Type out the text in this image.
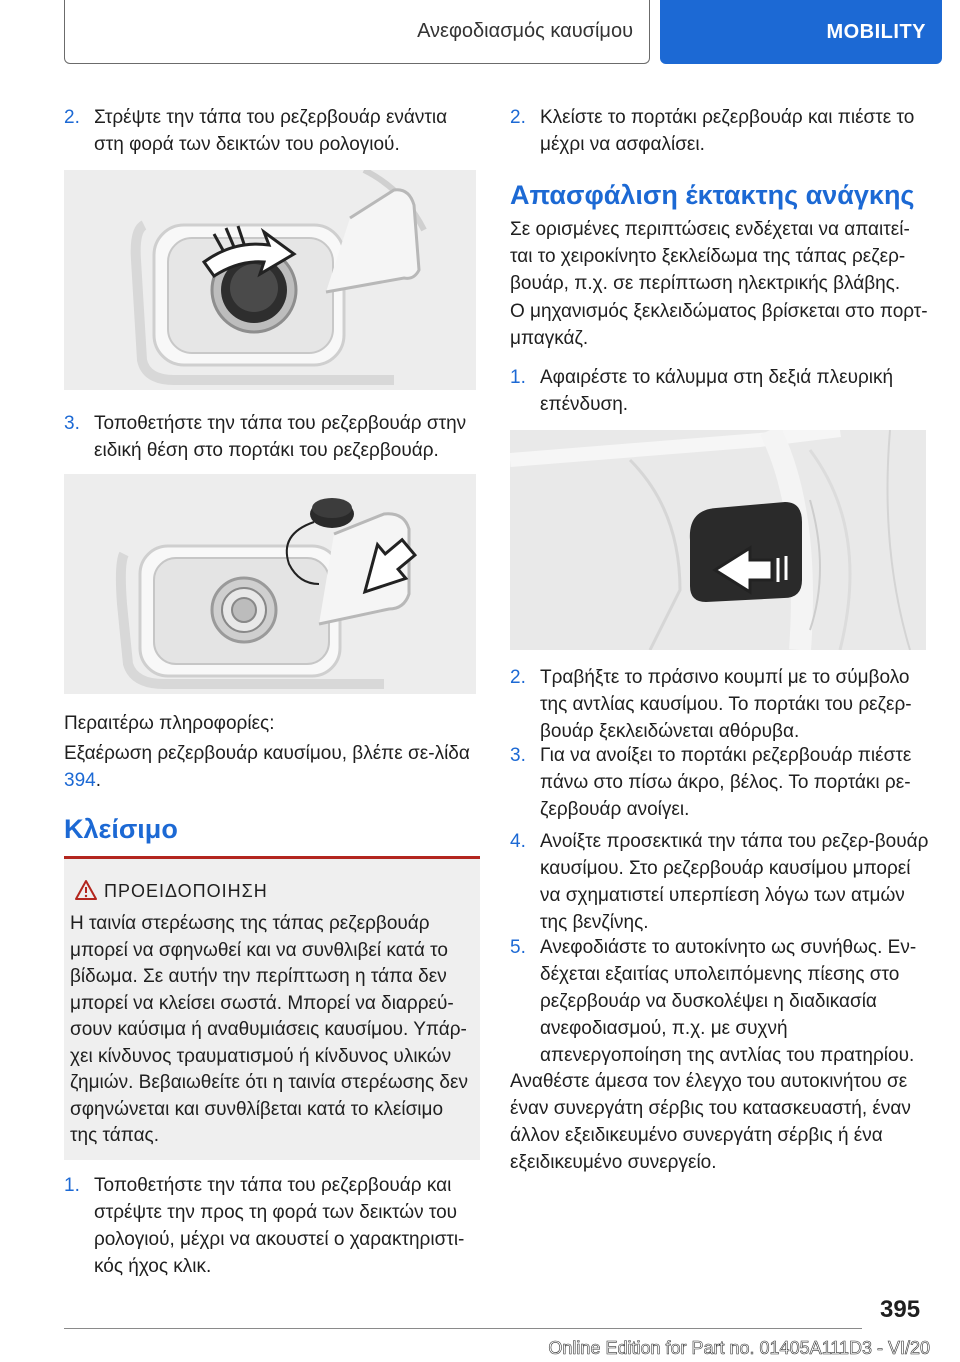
Ανεφοδιασμός καυσίμου	MOBILITY
2. Στρέψτε την τάπα του ρεζερβουάρ ενάντια στη φορά των δεικτών του ρολογιού.
3. Τοποθετήστε την τάπα του ρεζερβουάρ στην ειδική θέση στο πορτάκι του ρεζερβουάρ.
Περαιτέρω πληροφορίες:
Εξαέρωση ρεζερβουάρ καυσίμου, βλέπε σε-λίδα 394.
Κλείσιμο
ΠΡΟΕΙΔΟΠΟΙΗΣΗ
Η ταινία στερέωσης της τάπας ρεζερβουάρ μπορεί να σφηνωθεί και να συνθλιβεί κατά το βίδωμα. Σε αυτήν την περίπτωση η τάπα δεν μπορεί να κλείσει σωστά. Μπορεί να διαρρεύ-σουν καύσιμα ή αναθυμιάσεις καυσίμου. Υπάρ-χει κίνδυνος τραυματισμού ή κίνδυνος υλικών ζημιών. Βεβαιωθείτε ότι η ταινία στερέωσης δεν σφηνώνεται και συνθλίβεται κατά το κλείσιμο της τάπας.
1. Τοποθετήστε την τάπα του ρεζερβουάρ και στρέψτε την προς τη φορά των δεικτών του ρολογιού, μέχρι να ακουστεί ο χαρακτηριστι-κός ήχος κλικ.
2. Κλείστε το πορτάκι ρεζερβουάρ και πιέστε το μέχρι να ασφαλίσει.
Απασφάλιση έκτακτης ανάγκης
Σε ορισμένες περιπτώσεις ενδέχεται να απαιτεί-ται το χειροκίνητο ξεκλείδωμα της τάπας ρεζερ-βουάρ, π.χ. σε περίπτωση ηλεκτρικής βλάβης.
Ο μηχανισμός ξεκλειδώματος βρίσκεται στο πορτ-μπαγκάζ.
1. Αφαιρέστε το κάλυμμα στη δεξιά πλευρική επένδυση.
2. Τραβήξτε το πράσινο κουμπί με το σύμβολο της αντλίας καυσίμου. Το πορτάκι του ρεζερ-βουάρ ξεκλειδώνεται αθόρυβα.
3. Για να ανοίξει το πορτάκι ρεζερβουάρ πιέστε πάνω στο πίσω άκρο, βέλος. Το πορτάκι ρε-ζερβουάρ ανοίγει.
4. Ανοίξτε προσεκτικά την τάπα του ρεζερ-βουάρ καυσίμου. Στο ρεζερβουάρ καυσίμου μπορεί να σχηματιστεί υπερπίεση λόγω των ατμών της βενζίνης.
5. Ανεφοδιάστε το αυτοκίνητο ως συνήθως. Εν-δέχεται εξαιτίας υπολειπόμενης πίεσης στο ρεζερβουάρ να δυσκολέψει η διαδικασία ανεφοδιασμού, π.χ. με συχνή απενεργοποίηση της αντλίας του πρατηρίου.
Αναθέστε άμεσα τον έλεγχο του αυτοκινήτου σε έναν συνεργάτη σέρβις του κατασκευαστή, έναν άλλον εξειδικευμένο συνεργάτη σέρβις ή ένα εξειδικευμένο συνεργείο.
395
Online Edition for Part no. 01405A111D3 - VI/20
